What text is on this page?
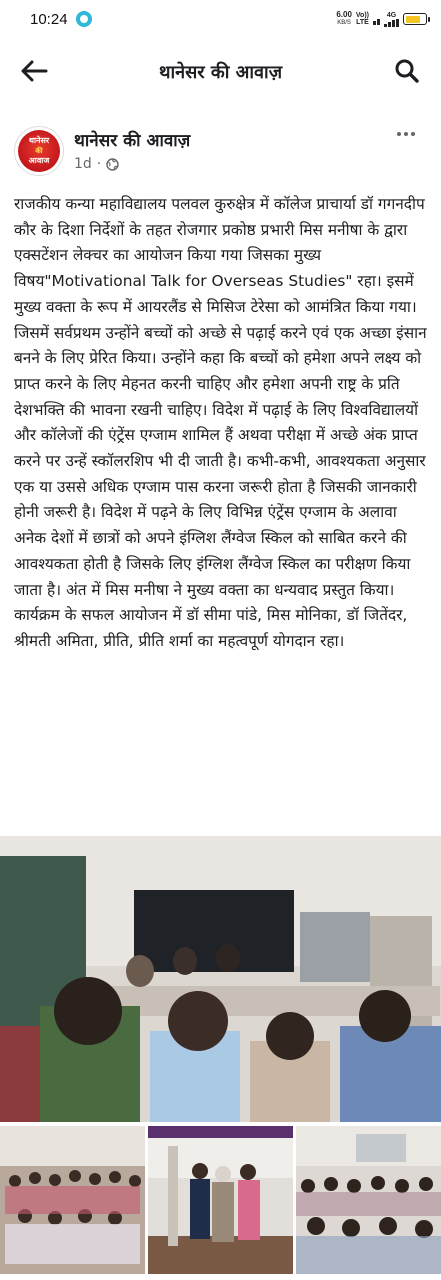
10:24	6.00
KB/S
Vo))
LTE
4G
थानेसर की आवाज़
थानेसर
की
आवाज
थानेसर की आवाज़
1d ·
राजकीय कन्या महाविद्यालय पलवल कुरुक्षेत्र में कॉलेज प्राचार्या डॉ गगनदीप कौर के दिशा निर्देशों के तहत रोजगार प्रकोष्ठ प्रभारी मिस मनीषा के द्वारा एक्सटेंशन लेक्चर का आयोजन किया गया जिसका मुख्य विषय"Motivational Talk for Overseas Studies" रहा। इसमें मुख्य वक्ता के रूप में आयरलैंड से मिसिज टेरेसा को आमंत्रित किया गया। जिसमें सर्वप्रथम उन्होंने बच्चों को अच्छे से पढ़ाई करने एवं एक अच्छा इंसान बनने के लिए प्रेरित किया। उन्होंने कहा कि बच्चों को हमेशा अपने लक्ष्य को प्राप्त करने के लिए मेहनत करनी चाहिए और हमेशा अपनी राष्ट्र के प्रति देशभक्ति की भावना रखनी चाहिए। विदेश में पढ़ाई के लिए विश्वविद्यालयों और कॉलेजों की एंट्रेंस एग्जाम शामिल हैं अथवा परीक्षा में अच्छे अंक प्राप्त करने पर उन्हें स्कॉलरशिप भी दी जाती है। कभी-कभी, आवश्यकता अनुसार एक या उससे अधिक एग्जाम पास करना जरूरी होता है जिसकी जानकारी होनी जरूरी है। विदेश में पढ़ने के लिए विभिन्न एंट्रेंस एग्जाम के अलावा अनेक देशों में छात्रों को अपने इंग्लिश लैंग्वेज स्किल को साबित करने की आवश्यकता होती है जिसके लिए इंग्लिश लैंग्वेज स्किल का परीक्षण किया जाता है। अंत में मिस मनीषा ने मुख्य वक्ता का धन्यवाद प्रस्तुत किया। कार्यक्रम के सफल आयोजन में डॉ सीमा पांडे, मिस मोनिका, डॉ जितेंदर, श्रीमती अमिता, प्रीति, प्रीति शर्मा का महत्वपूर्ण योगदान रहा।
